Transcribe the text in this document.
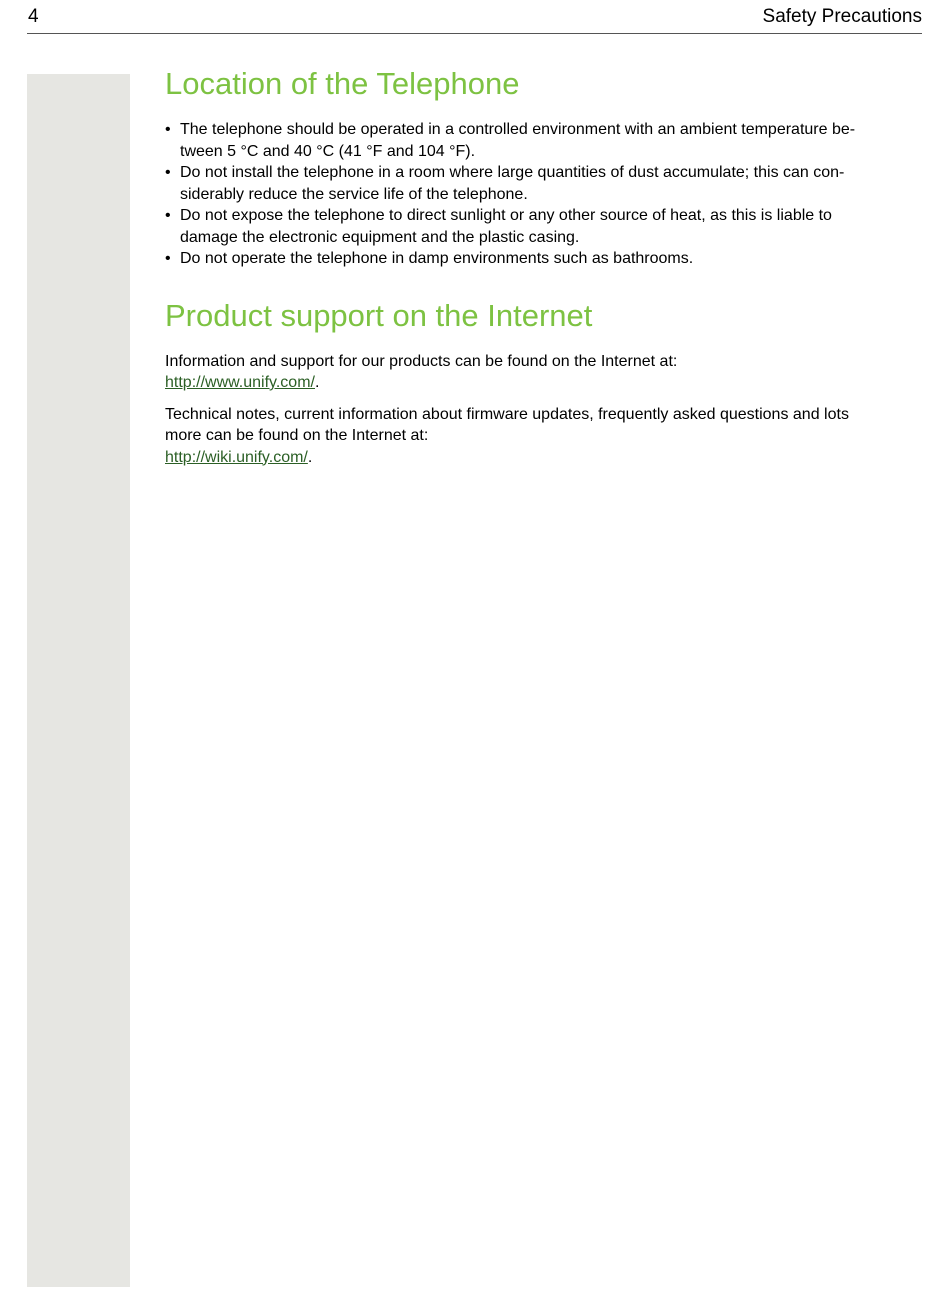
4	Safety Precautions
Location of the Telephone
• The telephone should be operated in a controlled environment with an ambient temperature be-
tween 5 °C and 40 °C (41 °F and 104 °F).
• Do not install the telephone in a room where large quantities of dust accumulate; this can con-
siderably reduce the service life of the telephone.
• Do not expose the telephone to direct sunlight or any other source of heat, as this is liable to
damage the electronic equipment and the plastic casing.
• Do not operate the telephone in damp environments such as bathrooms.
Product support on the Internet

Information and support for our products can be found on the Internet at:
http://www.unify.com/.

Technical notes, current information about firmware updates, frequently asked questions and lots
more can be found on the Internet at:
http://wiki.unify.com/.
